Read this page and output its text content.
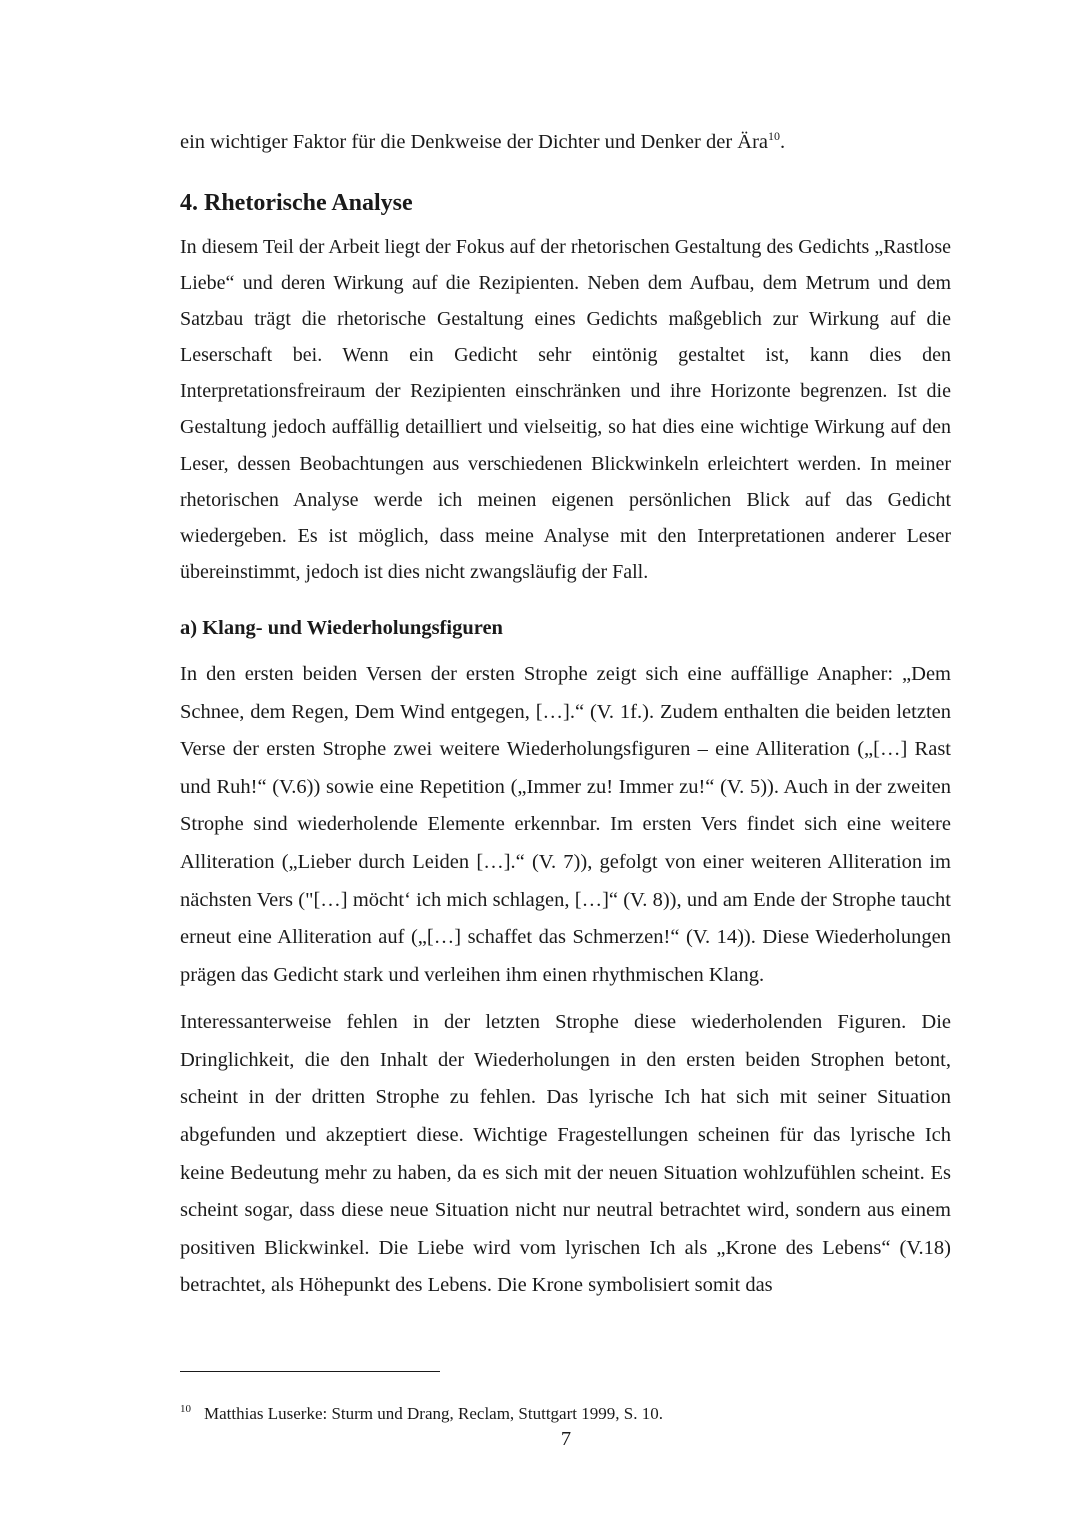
ein wichtiger Faktor für die Denkweise der Dichter und Denker der Ära$^{10}$.

4. Rhetorische Analyse

In diesem Teil der Arbeit liegt der Fokus auf der rhetorischen Gestaltung des Gedichts „Rastlose Liebe“ und deren Wirkung auf die Rezipienten. Neben dem Aufbau, dem Metrum und dem Satzbau trägt die rhetorische Gestaltung eines Gedichts maßgeblich zur Wirkung auf die Leserschaft bei. Wenn ein Gedicht sehr eintönig gestaltet ist, kann dies den Interpretationsfreiraum der Rezipienten einschränken und ihre Horizonte begrenzen. Ist die Gestaltung jedoch auffällig detailliert und vielseitig, so hat dies eine wichtige Wirkung auf den Leser, dessen Beobachtungen aus verschiedenen Blickwinkeln erleichtert werden. In meiner rhetorischen Analyse werde ich meinen eigenen persönlichen Blick auf das Gedicht wiedergeben. Es ist möglich, dass meine Analyse mit den Interpretationen anderer Leser übereinstimmt, jedoch ist dies nicht zwangsläufig der Fall.

a) Klang- und Wiederholungsfiguren

In den ersten beiden Versen der ersten Strophe zeigt sich eine auffällige Anapher: „Dem Schnee, dem Regen, Dem Wind entgegen, […].“ (V. 1f.). Zudem enthalten die beiden letzten Verse der ersten Strophe zwei weitere Wiederholungsfiguren – eine Alliteration („[…] Rast und Ruh!“ (V.6)) sowie eine Repetition („Immer zu! Immer zu!“ (V. 5)). Auch in der zweiten Strophe sind wiederholende Elemente erkennbar. Im ersten Vers findet sich eine weitere Alliteration („Lieber durch Leiden […].“ (V. 7)), gefolgt von einer weiteren Alliteration im nächsten Vers ("[…] möcht‘ ich mich schlagen, […]“ (V. 8)), und am Ende der Strophe taucht erneut eine Alliteration auf („[…] schaffet das Schmerzen!“ (V. 14)). Diese Wiederholungen prägen das Gedicht stark und verleihen ihm einen rhythmischen Klang.

Interessanterweise fehlen in der letzten Strophe diese wiederholenden Figuren. Die Dringlichkeit, die den Inhalt der Wiederholungen in den ersten beiden Strophen betont, scheint in der dritten Strophe zu fehlen. Das lyrische Ich hat sich mit seiner Situation abgefunden und akzeptiert diese. Wichtige Fragestellungen scheinen für das lyrische Ich keine Bedeutung mehr zu haben, da es sich mit der neuen Situation wohlzufühlen scheint. Es scheint sogar, dass diese neue Situation nicht nur neutral betrachtet wird, sondern aus einem positiven Blickwinkel. Die Liebe wird vom lyrischen Ich als „Krone des Lebens“ (V.18) betrachtet, als Höhepunkt des Lebens. Die Krone symbolisiert somit das

10 Matthias Luserke: Sturm und Drang, Reclam, Stuttgart 1999, S. 10.
7
